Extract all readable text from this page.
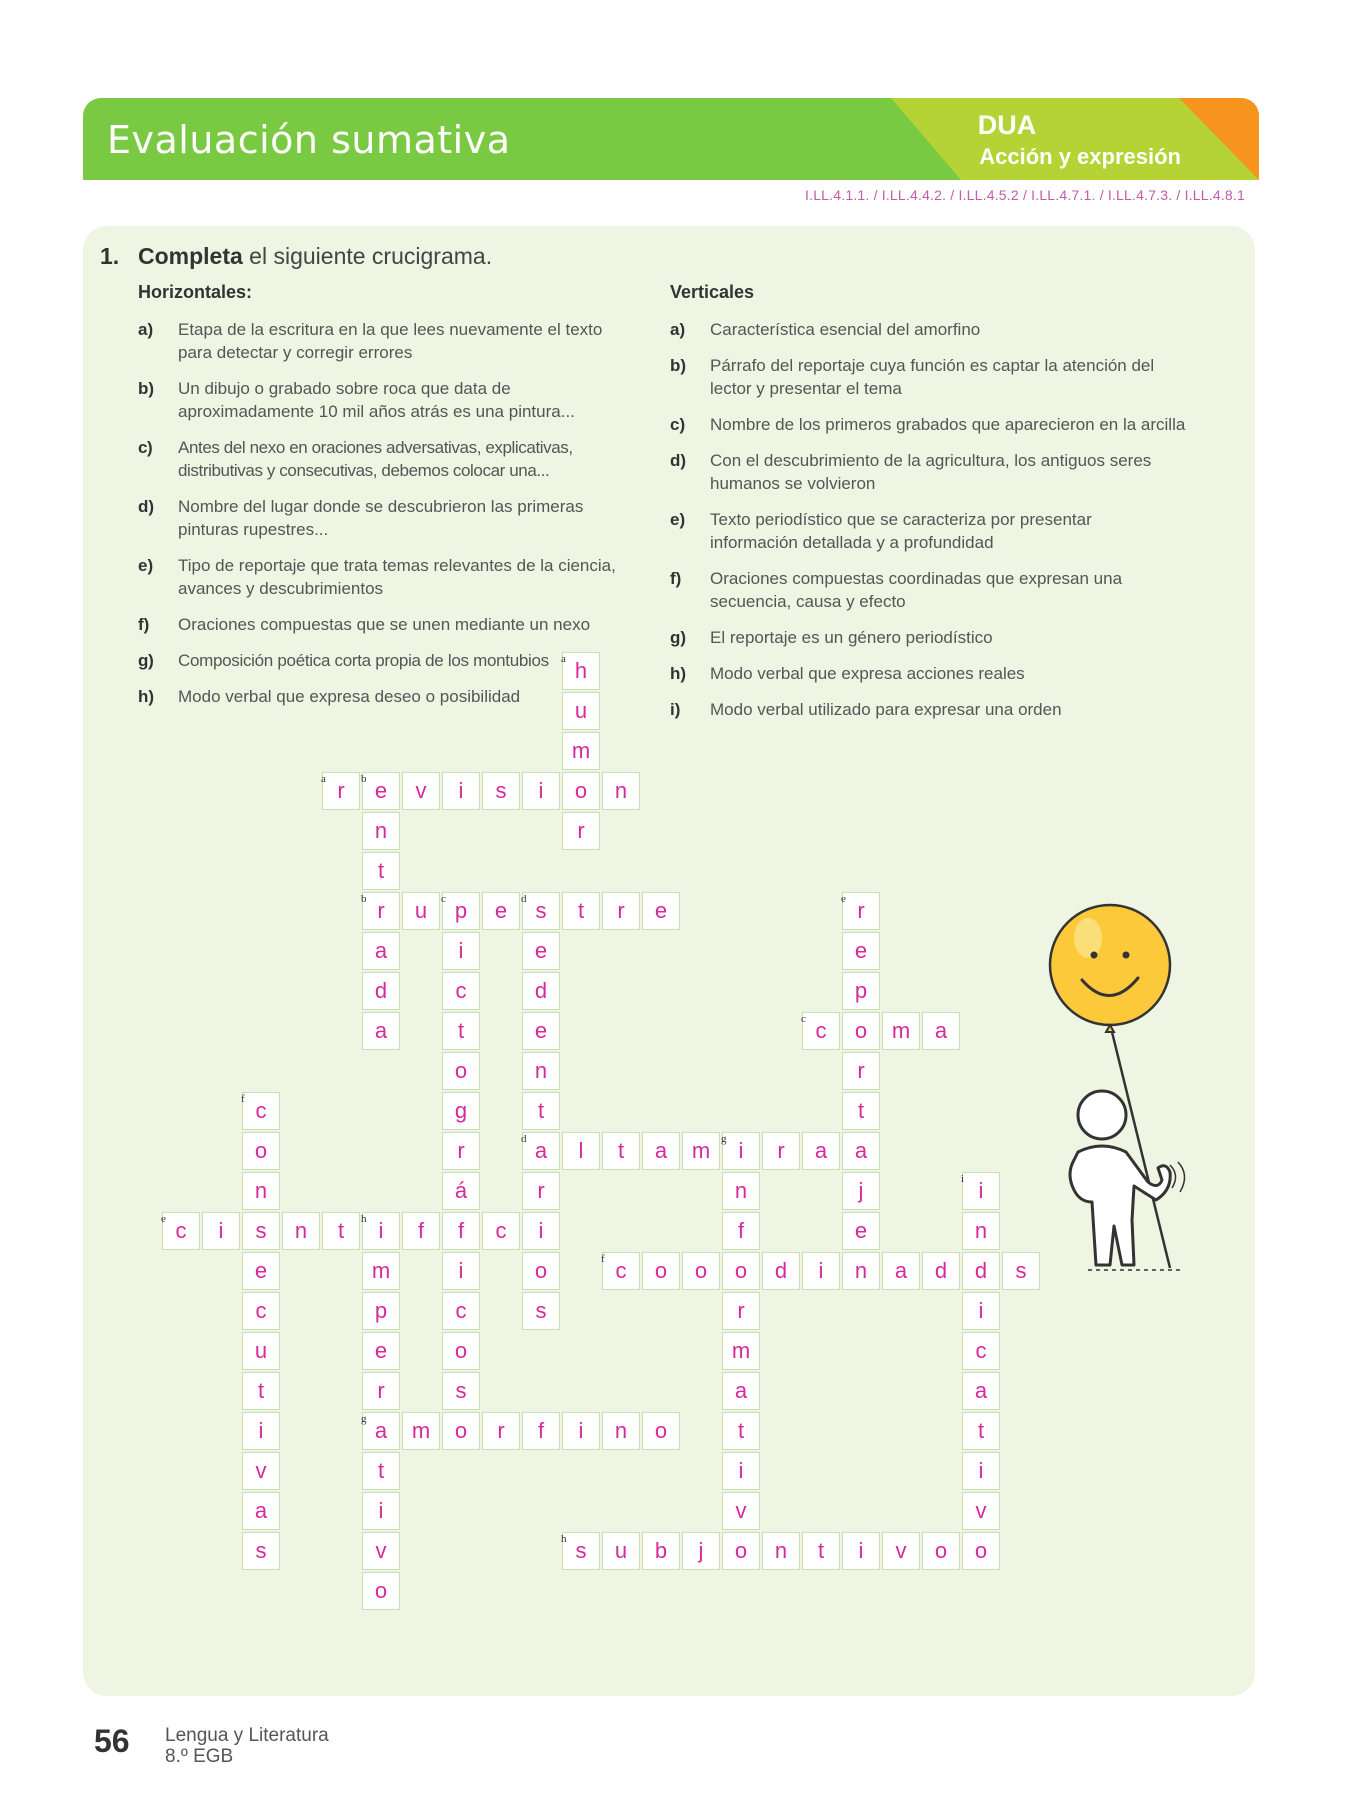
Evaluación sumativa	DUA
Acción y expresión
I.LL.4.1.1. / I.LL.4.4.2. / I.LL.4.5.2 / I.LL.4.7.1. / I.LL.4.7.3. / I.LL.4.8.1
1. Completa el siguiente crucigrama.
Horizontales:	Verticales
a) Etapa de la escritura en la que lees nuevamente el texto para detectar y corregir errores
b) Un dibujo o grabado sobre roca que data de aproximadamente 10 mil años atrás es una pintura...
c) Antes del nexo en oraciones adversativas, explicativas, distributivas y consecutivas, debemos colocar una...
d) Nombre del lugar donde se descubrieron las primeras pinturas rupestres...
e) Tipo de reportaje que trata temas relevantes de la ciencia, avances y descubrimientos
f) Oraciones compuestas que se unen mediante un nexo
g) Composición poética corta propia de los montubios
h) Modo verbal que expresa deseo o posibilidad
a) Característica esencial del amorfino
b) Párrafo del reportaje cuya función es captar la atención del lector y presentar el tema
c) Nombre de los primeros grabados que aparecieron en la arcilla
d) Con el descubrimiento de la agricultura, los antiguos seres humanos se volvieron
e) Texto periodístico que se caracteriza por presentar información detallada y a profundidad
f) Oraciones compuestas coordinadas que expresan una secuencia, causa y efecto
g) El reportaje es un género periodístico
h) Modo verbal que expresa acciones reales
i) Modo verbal utilizado para expresar una orden
r	e	v	i	s	i	o	n
r	u	p	e	s	t	r	e
c	o	m	a
a	l	t	a	m	i	r	a
c	i	s	n	t	i	f	f	c	i
c	o	o	o	d	i	n	a	d	d	s
a	m	o	r	f	i	n	o
s	u	b	j	o	n	t	i	v	o
h
u
m
r
n
t
a
d
a
i
c
t
o
g
r
á
i
c
o
s
e
d
e
n
t
r
o
s
r
e
p
r
t
a
j
e
c
o
n
e
c
u
t
i
v
a
s
n
f
r
m
a
t
i
v
m
p
e
r
t
i
v
o
i
n
i
c
a
t
i
v
o
a
b
c
d
e
f
g
h
a
b
c	d	e
f
g
h
i
56 Lengua y Literatura
8.º EGB
